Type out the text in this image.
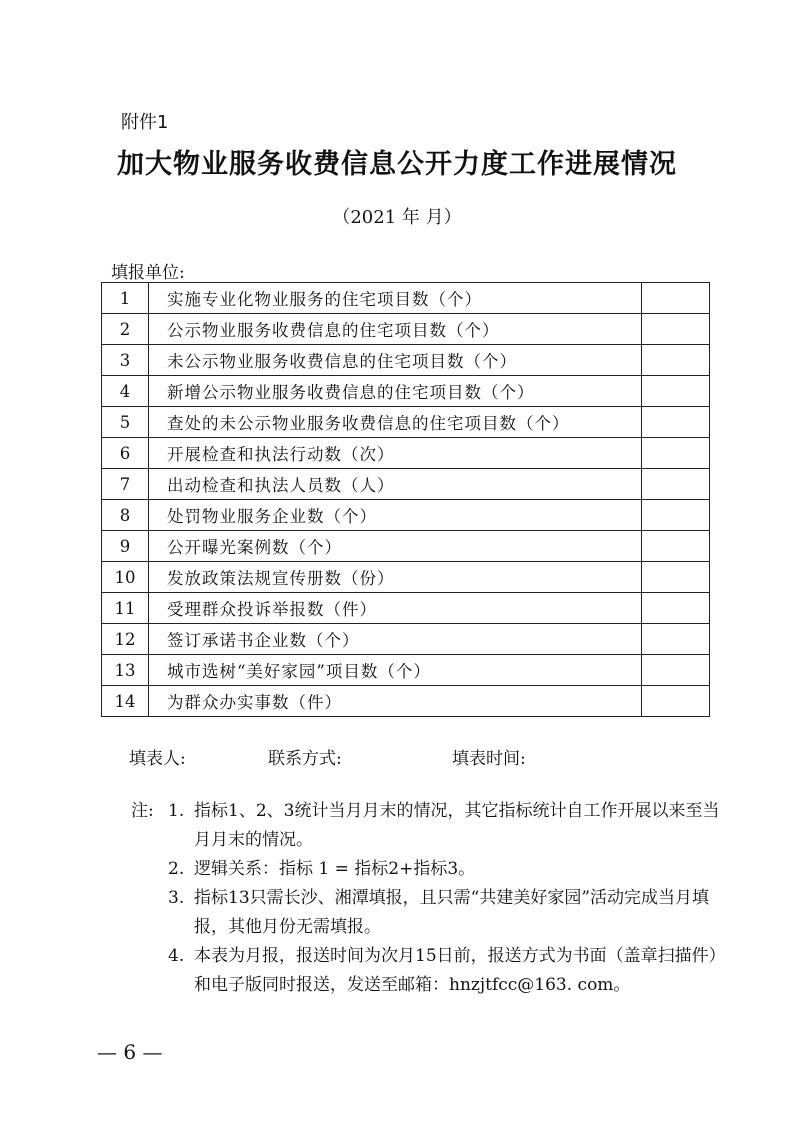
附件1
加大物业服务收费信息公开力度工作进展情况
（2021 年 月）
填报单位:
1	实施专业化物业服务的住宅项目数（个）	
2	公示物业服务收费信息的住宅项目数（个）	
3	未公示物业服务收费信息的住宅项目数（个）	
4	新增公示物业服务收费信息的住宅项目数（个）	
5	查处的未公示物业服务收费信息的住宅项目数（个）	
6	开展检查和执法行动数（次）	
7	出动检查和执法人员数（人）	
8	处罚物业服务企业数（个）	
9	公开曝光案例数（个）	
10	发放政策法规宣传册数（份）	
11	受理群众投诉举报数（件）	
12	签订承诺书企业数（个）	
13	城市选树“美好家园”项目数（个）	
14	为群众办实事数（件）	
填表人:	联系方式:	填表时间:
注: 1. 指标1、2、3统计当月月末的情况，其它指标统计自工作开展以来至当月月末的情况。
2. 逻辑关系：指标 1 = 指标2+指标3。
3. 指标13只需长沙、湘潭填报，且只需“共建美好家园”活动完成当月填报，其他月份无需填报。
4. 本表为月报，报送时间为次月15日前，报送方式为书面（盖章扫描件）和电子版同时报送，发送至邮箱：hnzjtfcc@163. com。
— 6 —
